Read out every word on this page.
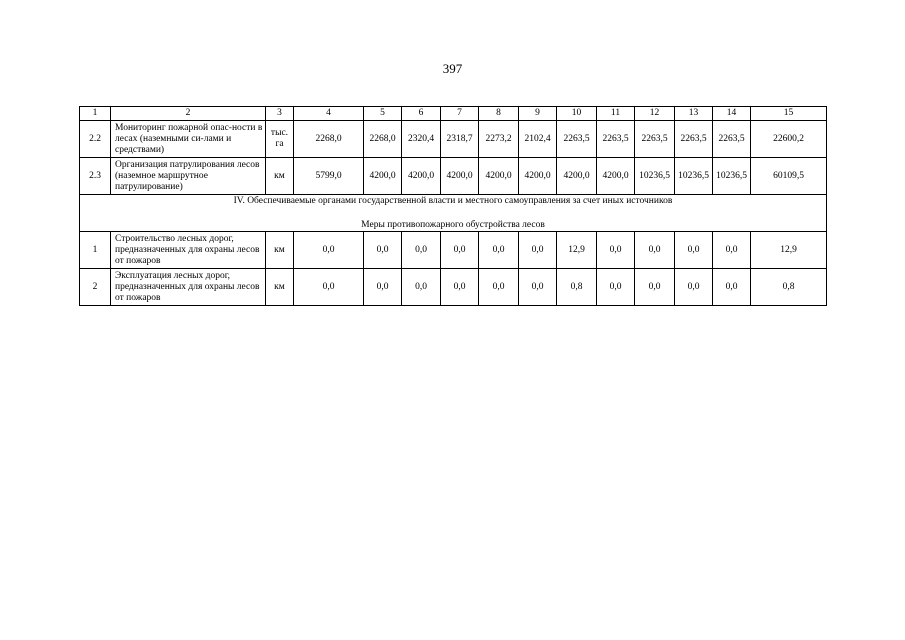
397
1	2	3	4	5	6	7	8	9	10	11	12	13	14	15
2.2	Мониторинг пожарной опас-ности в лесах (наземными си-лами и средствами)	тыс. га	2268,0	2268,0	2320,4	2318,7	2273,2	2102,4	2263,5	2263,5	2263,5	2263,5	2263,5	22600,2
2.3	Организация патрулирования лесов (наземное маршрутное патрулирование)	км	5799,0	4200,0	4200,0	4200,0	4200,0	4200,0	4200,0	4200,0	10236,5	10236,5	10236,5	60109,5

IV. Обеспечиваемые органами государственной власти и местного самоуправления за счет иных источников
Меры противопожарного обустройства лесов														

1	Строительство лесных дорог, предназначенных для охраны лесов от пожаров	км	0,0	0,0	0,0	0,0	0,0	0,0	12,9	0,0	0,0	0,0	0,0	12,9
2	Эксплуатация лесных дорог, предназначенных для охраны лесов от пожаров	км	0,0	0,0	0,0	0,0	0,0	0,0	0,8	0,0	0,0	0,0	0,0	0,8
